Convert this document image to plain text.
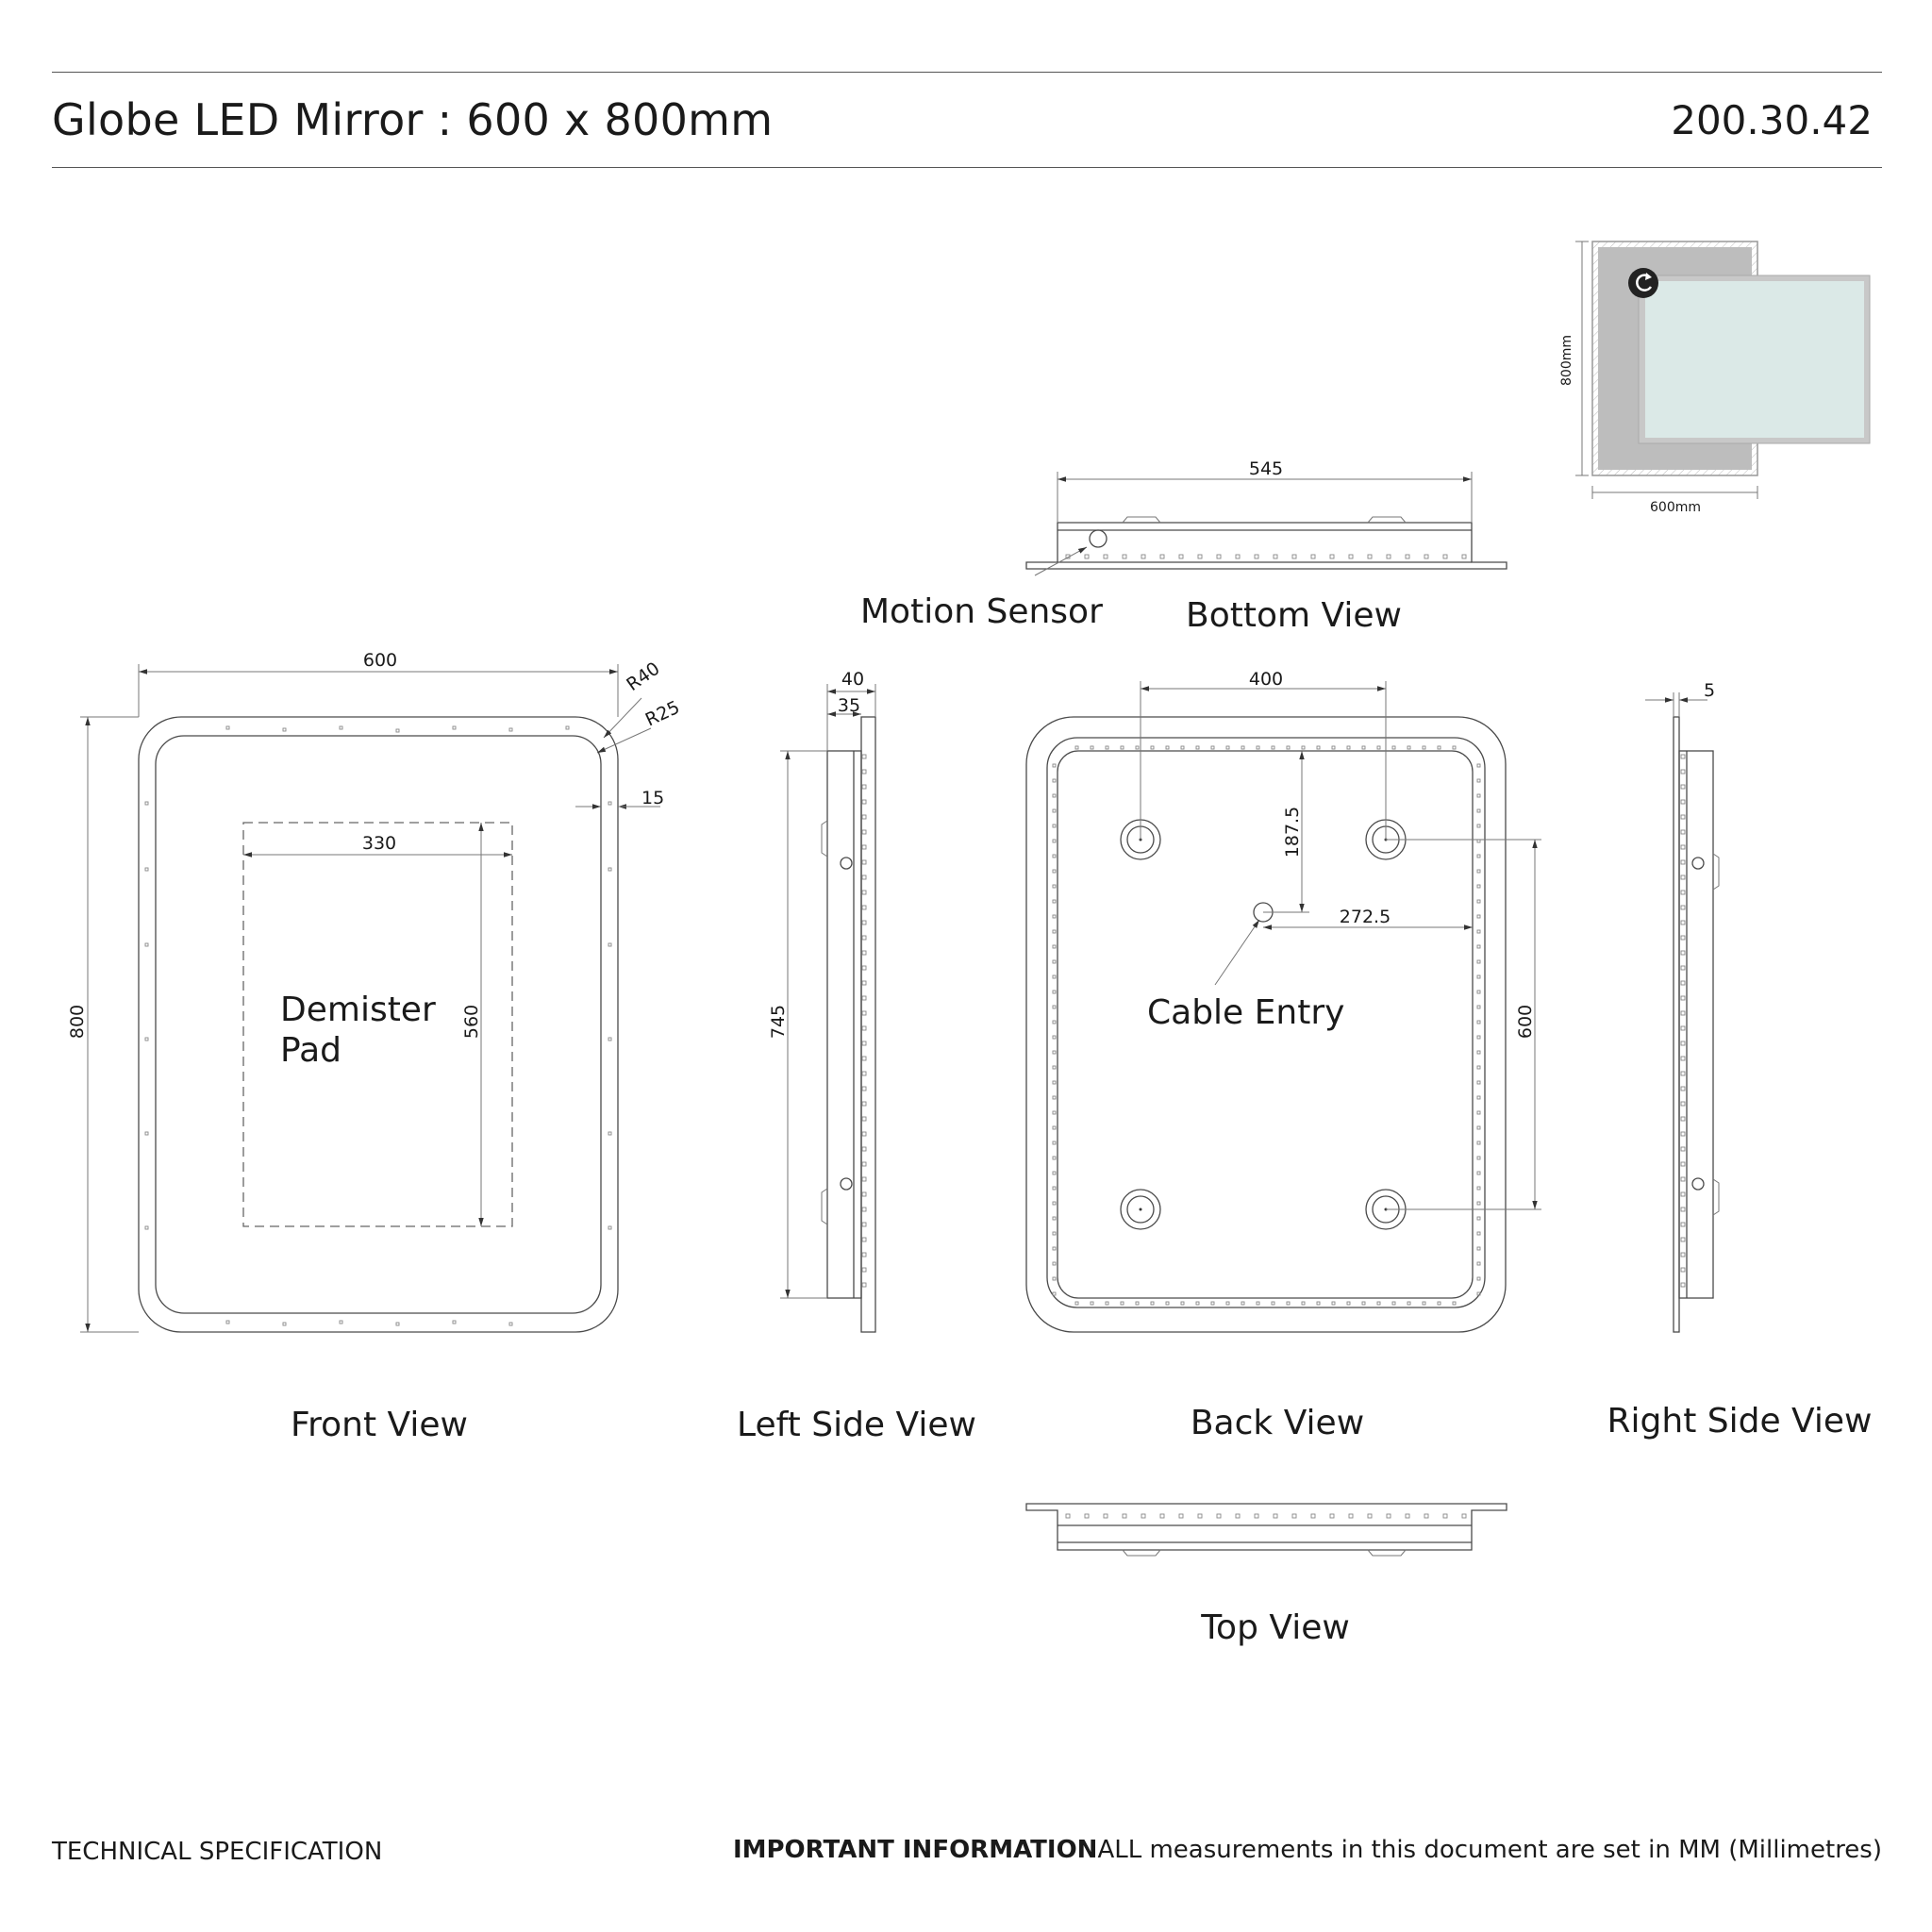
Globe LED Mirror : 600 x 800mm	200.30.42
800mm
600mm
545
Motion Sensor Bottom View
600
800
R40
R25
15
330
560
Demister
Pad
Front View
40
35
745
Left Side View
400
187.5
272.5
600
Cable Entry
Back View
5
Right Side View
Top View
TECHNICAL SPECIFICATION	IMPORTANT INFORMATIONALL measurements in this document are set in MM (Millimetres)
